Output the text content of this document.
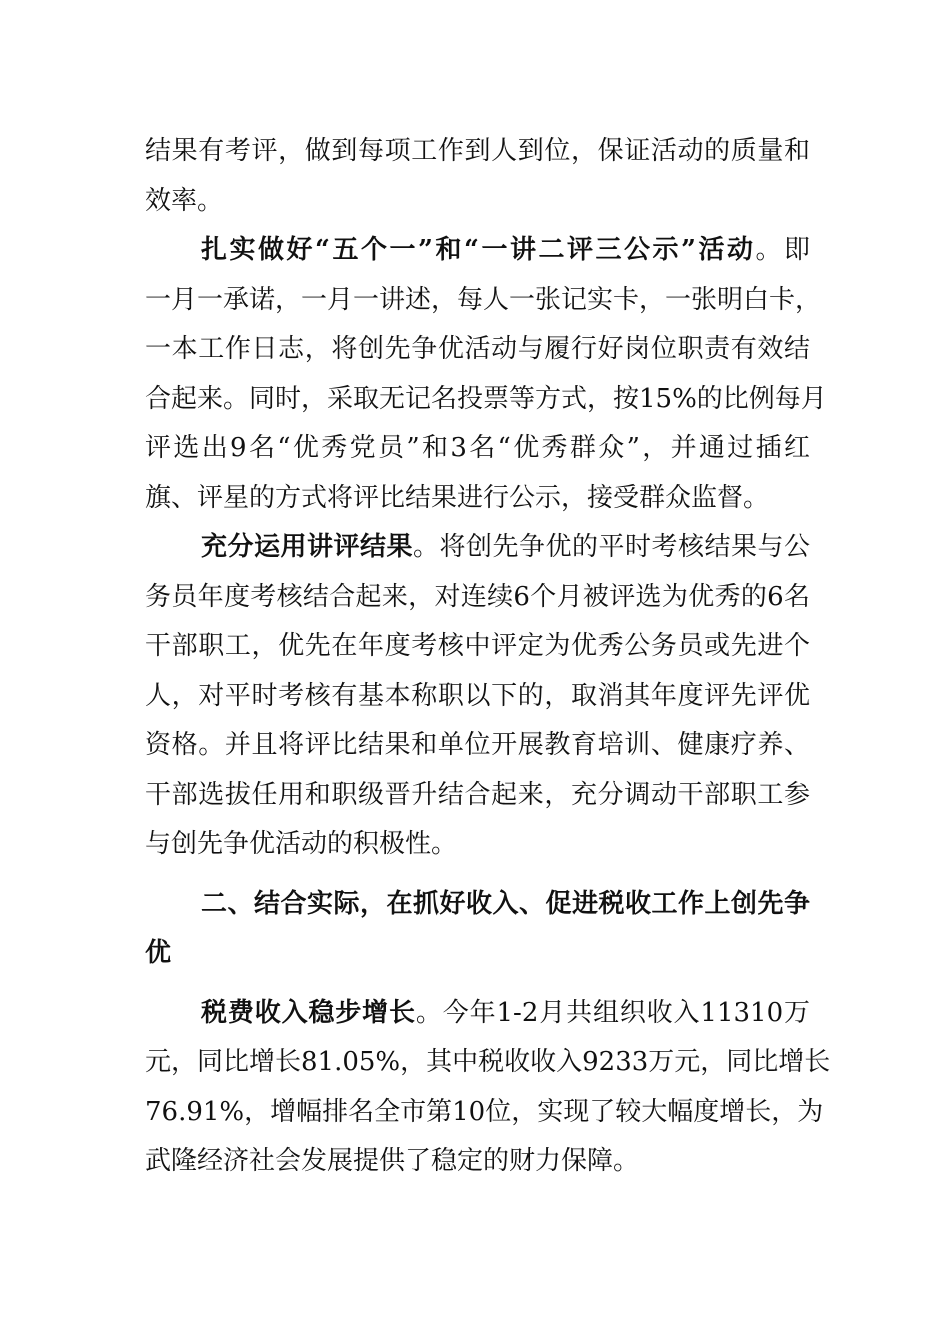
结果有考评，做到每项工作到人到位，保证活动的质量和

效率。

扎实做好“五个一”和“一讲二评三公示”活动。即

一月一承诺，一月一讲述，每人一张记实卡，一张明白卡，

一本工作日志，将创先争优活动与履行好岗位职责有效结

合起来。同时，采取无记名投票等方式，按15%的比例每月

评选出9名“优秀党员”和3名“优秀群众”，并通过插红

旗、评星的方式将评比结果进行公示，接受群众监督。

充分运用讲评结果。将创先争优的平时考核结果与公

务员年度考核结合起来，对连续6个月被评选为优秀的6名

干部职工，优先在年度考核中评定为优秀公务员或先进个

人，对平时考核有基本称职以下的，取消其年度评先评优

资格。并且将评比结果和单位开展教育培训、健康疗养、

干部选拔任用和职级晋升结合起来，充分调动干部职工参

与创先争优活动的积极性。

二、结合实际，在抓好收入、促进税收工作上创先争

优

税费收入稳步增长。今年1-2月共组织收入11310万

元，同比增长81.05%，其中税收收入9233万元，同比增长

76.91%，增幅排名全市第10位，实现了较大幅度增长，为

武隆经济社会发展提供了稳定的财力保障。
